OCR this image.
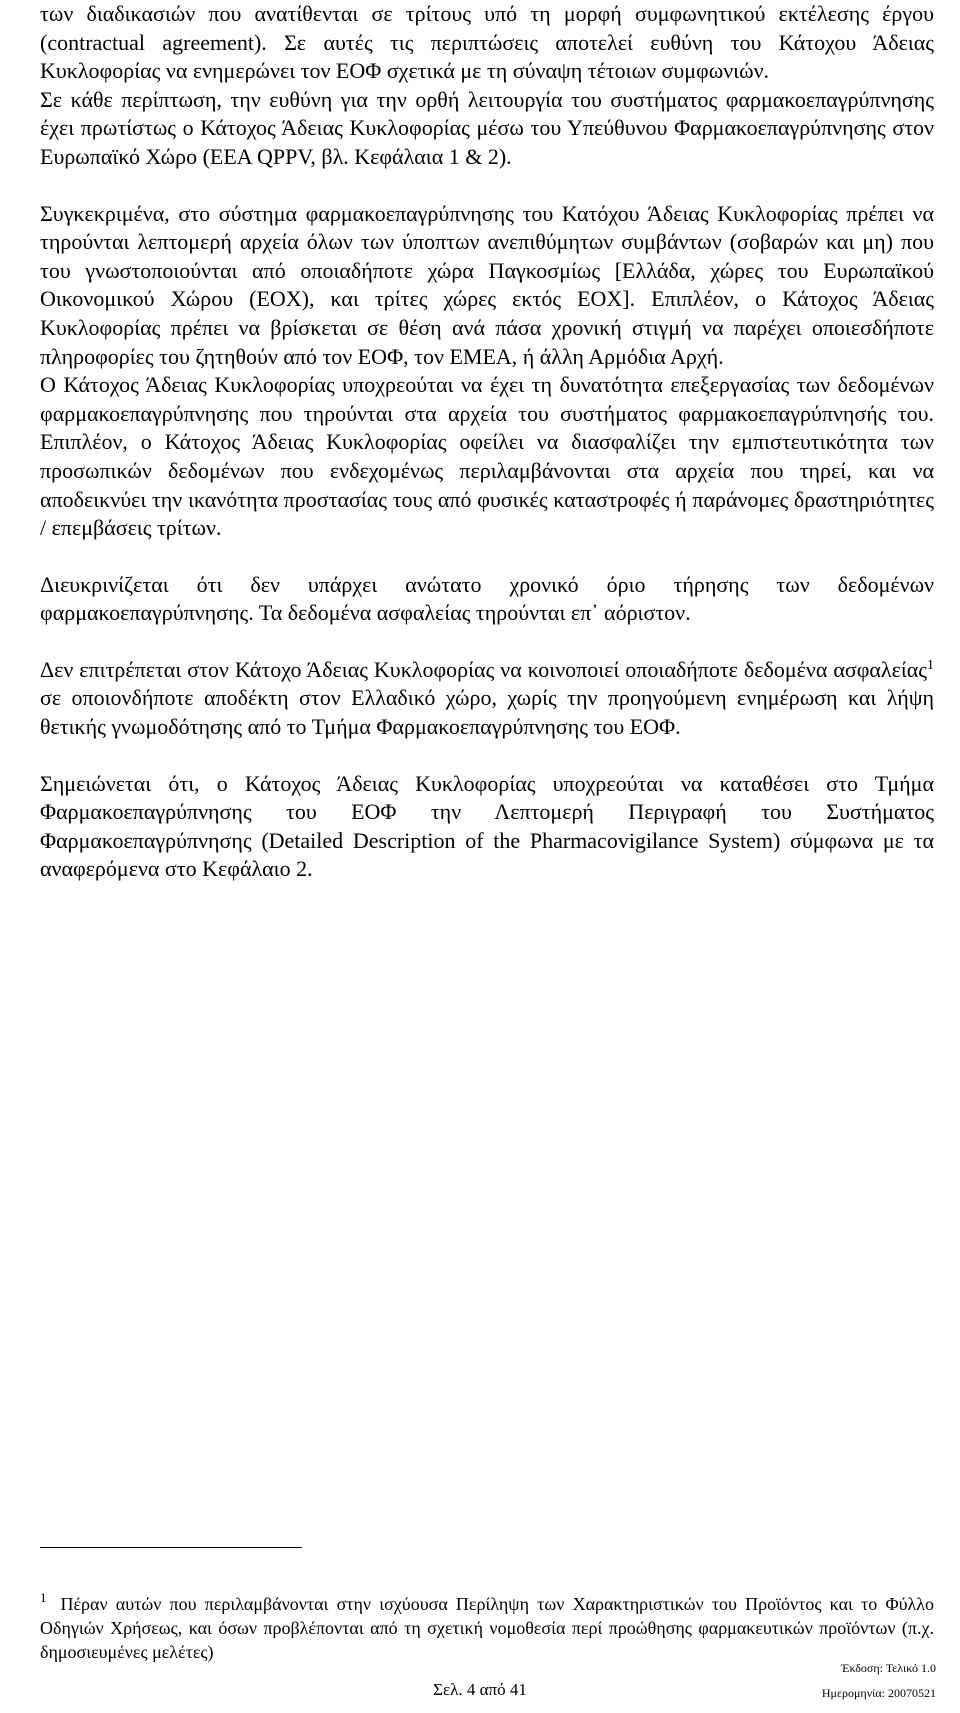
των διαδικασιών που ανατίθενται σε τρίτους υπό τη μορφή συμφωνητικού εκτέλεσης έργου (contractual agreement). Σε αυτές τις περιπτώσεις αποτελεί ευθύνη του Κάτοχου Άδειας Κυκλοφορίας να ενημερώνει τον ΕΟΦ σχετικά με τη σύναψη τέτοιων συμφωνιών.

Σε κάθε περίπτωση, την ευθύνη για την ορθή λειτουργία του συστήματος φαρμακοεπαγρύπνησης έχει πρωτίστως ο Κάτοχος Άδειας Κυκλοφορίας μέσω του Υπεύθυνου Φαρμακοεπαγρύπνησης στον Ευρωπαϊκό Χώρο (EEA QPPV, βλ. Κεφάλαια 1 & 2).

Συγκεκριμένα, στο σύστημα φαρμακοεπαγρύπνησης του Κατόχου Άδειας Κυκλοφορίας πρέπει να τηρούνται λεπτομερή αρχεία όλων των ύποπτων ανεπιθύμητων συμβάντων (σοβαρών και μη) που του γνωστοποιούνται από οποιαδήποτε χώρα Παγκοσμίως [Ελλάδα, χώρες του Ευρωπαϊκού Οικονομικού Χώρου (ΕΟΧ), και τρίτες χώρες εκτός ΕΟΧ]. Επιπλέον, ο Κάτοχος Άδειας Κυκλοφορίας πρέπει να βρίσκεται σε θέση ανά πάσα χρονική στιγμή να παρέχει οποιεσδήποτε πληροφορίες του ζητηθούν από τον ΕΟΦ, τον EMEA, ή άλλη Αρμόδια Αρχή.

Ο Κάτοχος Άδειας Κυκλοφορίας υποχρεούται να έχει τη δυνατότητα επεξεργασίας των δεδομένων φαρμακοεπαγρύπνησης που τηρούνται στα αρχεία του συστήματος φαρμακοεπαγρύπνησής του. Επιπλέον, ο Κάτοχος Άδειας Κυκλοφορίας οφείλει να διασφαλίζει την εμπιστευτικότητα των προσωπικών δεδομένων που ενδεχομένως περιλαμβάνονται στα αρχεία που τηρεί, και να αποδεικνύει την ικανότητα προστασίας τους από φυσικές καταστροφές ή παράνομες δραστηριότητες / επεμβάσεις τρίτων.

Διευκρινίζεται ότι δεν υπάρχει ανώτατο χρονικό όριο τήρησης των δεδομένων φαρμακοεπαγρύπνησης. Τα δεδομένα ασφαλείας τηρούνται επ᾽ αόριστον.

Δεν επιτρέπεται στον Κάτοχο Άδειας Κυκλοφορίας να κοινοποιεί οποιαδήποτε δεδομένα ασφαλείας$^1$ σε οποιονδήποτε αποδέκτη στον Ελλαδικό χώρο, χωρίς την προηγούμενη ενημέρωση και λήψη θετικής γνωμοδότησης από το Τμήμα Φαρμακοεπαγρύπνησης του ΕΟΦ.

Σημειώνεται ότι, ο Κάτοχος Άδειας Κυκλοφορίας υποχρεούται να καταθέσει στο Τμήμα Φαρμακοεπαγρύπνησης του ΕΟΦ την Λεπτομερή Περιγραφή του Συστήματος Φαρμακοεπαγρύπνησης (Detailed Description of the Pharmacovigilance System) σύμφωνα με τα αναφερόμενα στο Κεφάλαιο 2.

$^1$ Πέραν αυτών που περιλαμβάνονται στην ισχύουσα Περίληψη των Χαρακτηριστικών του Προϊόντος και το Φύλλο Οδηγιών Χρήσεως, και όσων προβλέπονται από τη σχετική νομοθεσία περί προώθησης φαρμακευτικών προϊόντων (π.χ. δημοσιευμένες μελέτες)

Έκδοση: Τελικό 1.0
Ημερομηνία: 20070521
Σελ. 4 από 41
